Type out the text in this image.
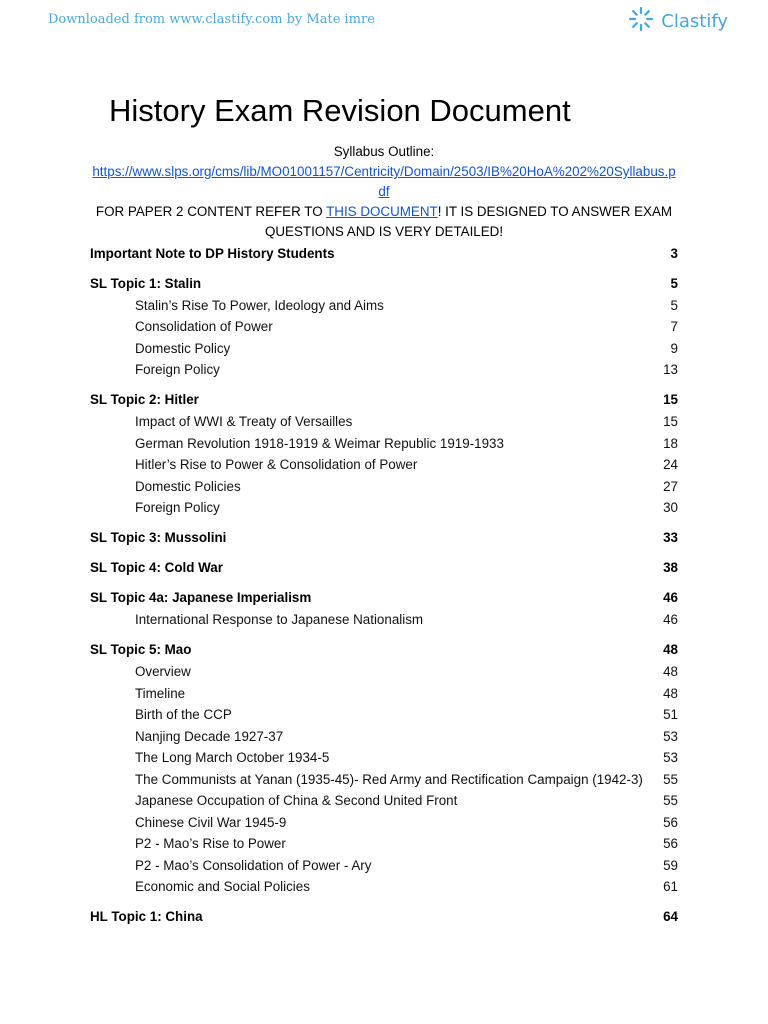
Downloaded from www.clastify.com by Mate imre	Clastify
History Exam Revision Document
Syllabus Outline:
https://www.slps.org/cms/lib/MO01001157/Centricity/Domain/2503/IB%20HoA%202%20Syllabus.pdf
FOR PAPER 2 CONTENT REFER TO THIS DOCUMENT! IT IS DESIGNED TO ANSWER EXAM QUESTIONS AND IS VERY DETAILED!
Important Note to DP History Students	3
SL Topic 1: Stalin	5
Stalin’s Rise To Power, Ideology and Aims	5
Consolidation of Power	7
Domestic Policy	9
Foreign Policy	13
SL Topic 2: Hitler	15
Impact of WWI & Treaty of Versailles	15
German Revolution 1918-1919 & Weimar Republic 1919-1933	18
Hitler’s Rise to Power & Consolidation of Power	24
Domestic Policies	27
Foreign Policy	30
SL Topic 3: Mussolini	33
SL Topic 4: Cold War	38
SL Topic 4a: Japanese Imperialism	46
International Response to Japanese Nationalism	46
SL Topic 5: Mao	48
Overview	48
Timeline	48
Birth of the CCP	51
Nanjing Decade 1927-37	53
The Long March October 1934-5	53
The Communists at Yanan (1935-45)- Red Army and Rectification Campaign (1942-3) 55
Japanese Occupation of China & Second United Front	55
Chinese Civil War 1945-9	56
P2 - Mao’s Rise to Power	56
P2 - Mao’s Consolidation of Power - Ary	59
Economic and Social Policies	61
HL Topic 1: China	64
